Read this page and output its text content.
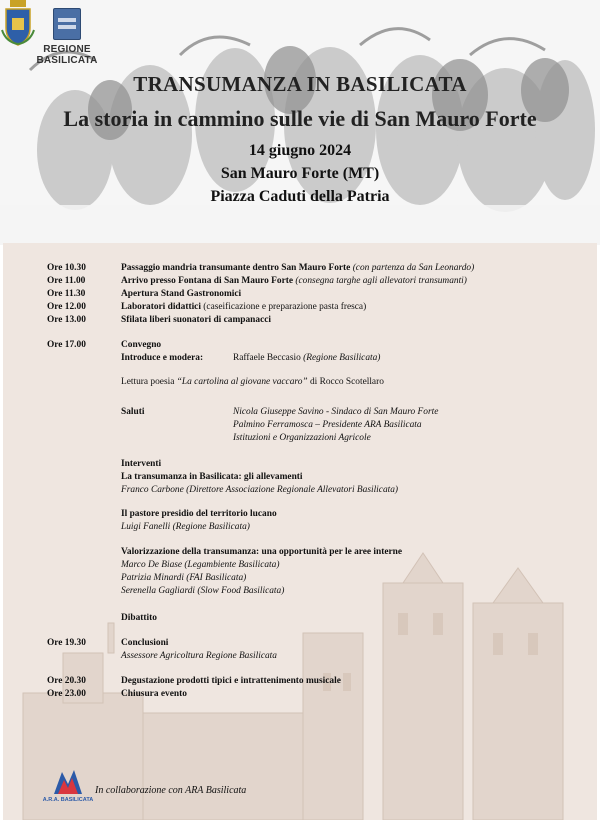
REGIONE BASILICATA
TRANSUMANZA IN BASILICATA
La storia in cammino sulle vie di San Mauro Forte
14 giugno 2024
San Mauro Forte (MT)
Piazza Caduti della Patria
Ore 10.30	Passaggio mandria transumante dentro San Mauro Forte (con partenza da San Leonardo)
Ore 11.00	Arrivo presso Fontana di San Mauro Forte (consegna targhe agli allevatori transumanti)
Ore 11.30	Apertura Stand Gastronomici
Ore 12.00	Laboratori didattici (caseificazione e preparazione pasta fresca)
Ore 13.00	Sfilata liberi suonatori di campanacci
Ore 17.00	Convegno
Introduce e modera:	Raffaele Beccasio (Regione Basilicata)
Lettura poesia “La cartolina al giovane vaccaro” di Rocco Scotellaro
Saluti	Nicola Giuseppe Savino - Sindaco di San Mauro Forte
Palmino Ferramosca – Presidente ARA Basilicata
Istituzioni e Organizzazioni Agricole
Interventi
La transumanza in Basilicata: gli allevamenti
Franco Carbone (Direttore Associazione Regionale Allevatori Basilicata)
Il pastore presidio del territorio lucano
Luigi Fanelli (Regione Basilicata)
Valorizzazione della transumanza: una opportunità per le aree interne
Marco De Biase (Legambiente Basilicata)
Patrizia Minardi (FAI Basilicata)
Serenella Gagliardi (Slow Food Basilicata)
Dibattito
Ore 19.30	Conclusioni
Assessore Agricoltura Regione Basilicata
Ore 20.30	Degustazione prodotti tipici e intrattenimento musicale
Ore 23.00	Chiusura evento
A.R.A. BASILICATA
In collaborazione con ARA Basilicata
